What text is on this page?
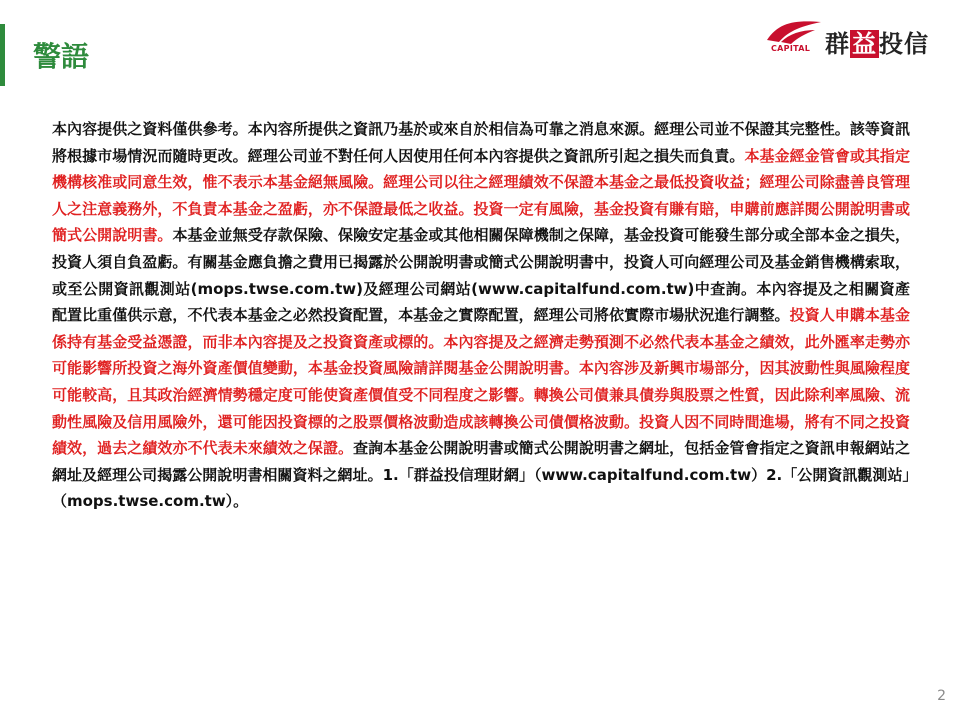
警語	CAPITAL 群益投信

本內容提供之資料僅供參考。本內容所提供之資訊乃基於或來自於相信為可靠之消息來源。經理公司並不保證其完整性。該等資訊將根據市場情況而隨時更改。經理公司並不對任何人因使用任何本內容提供之資訊所引起之損失而負責。本基金經金管會或其指定機構核准或同意生效，惟不表示本基金絕無風險。經理公司以往之經理績效不保證本基金之最低投資收益；經理公司除盡善良管理人之注意義務外，不負責本基金之盈虧，亦不保證最低之收益。投資一定有風險，基金投資有賺有賠，申購前應詳閱公開說明書或簡式公開說明書。本基金並無受存款保險、保險安定基金或其他相關保障機制之保障，基金投資可能發生部分或全部本金之損失，投資人須自負盈虧。有關基金應負擔之費用已揭露於公開說明書或簡式公開說明書中，投資人可向經理公司及基金銷售機構索取，或至公開資訊觀測站(mops.twse.com.tw)及經理公司網站(www.capitalfund.com.tw)中查詢。本內容提及之相關資產配置比重僅供示意，不代表本基金之必然投資配置，本基金之實際配置，經理公司將依實際市場狀況進行調整。投資人申購本基金係持有基金受益憑證，而非本內容提及之投資資產或標的。本內容提及之經濟走勢預測不必然代表本基金之績效，此外匯率走勢亦可能影響所投資之海外資產價值變動，本基金投資風險請詳閱基金公開說明書。本內容涉及新興市場部分，因其波動性與風險程度可能較高，且其政治經濟情勢穩定度可能使資產價值受不同程度之影響。轉換公司債兼具債券與股票之性質，因此除利率風險、流動性風險及信用風險外，還可能因投資標的之股票價格波動造成該轉換公司債價格波動。投資人因不同時間進場，將有不同之投資績效，過去之績效亦不代表未來績效之保證。查詢本基金公開說明書或簡式公開說明書之網址，包括金管會指定之資訊申報網站之網址及經理公司揭露公開說明書相關資料之網址。1.「群益投信理財網」（www.capitalfund.com.tw）2.「公開資訊觀測站」（mops.twse.com.tw）。

2
